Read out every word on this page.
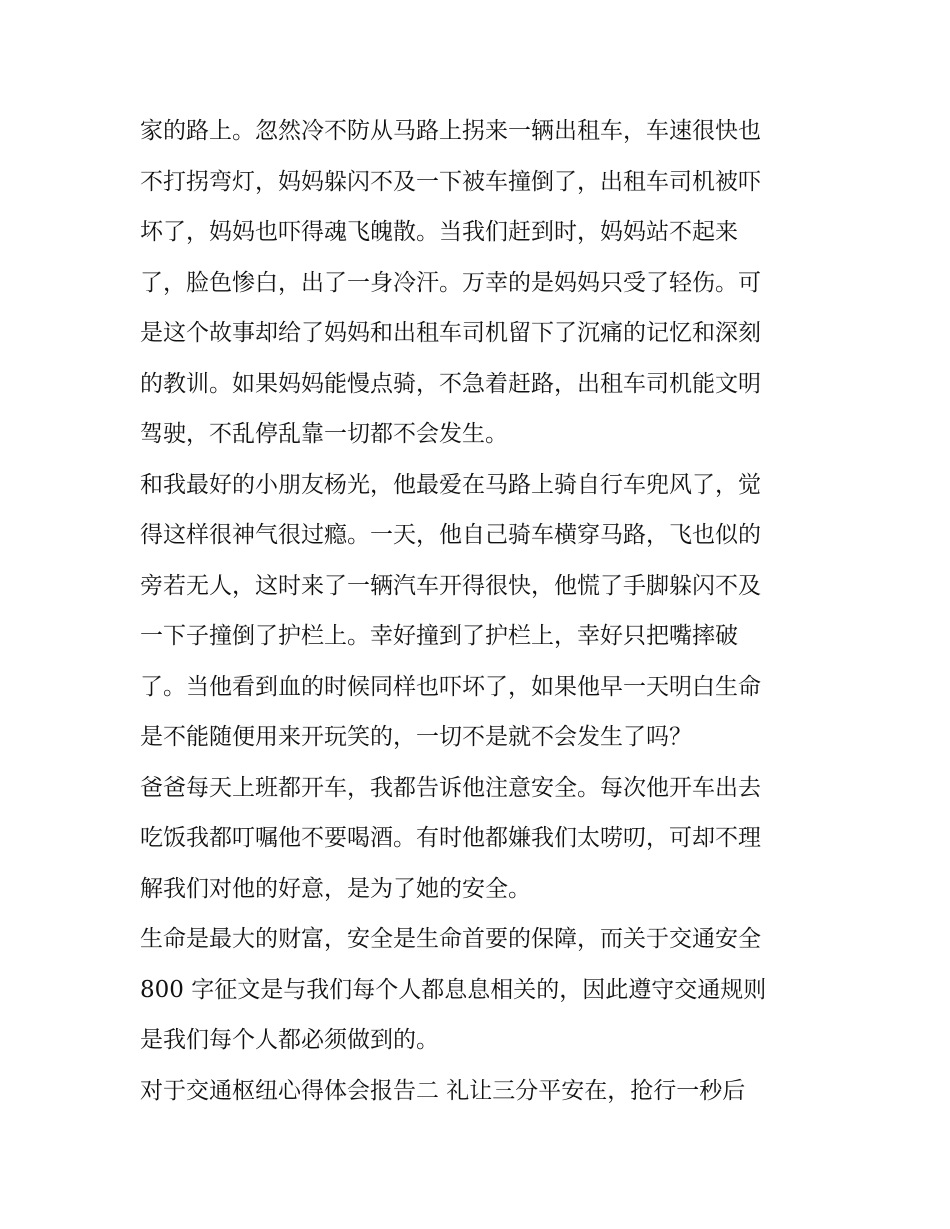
家的路上。忽然冷不防从马路上拐来一辆出租车，车速很快也
不打拐弯灯，妈妈躲闪不及一下被车撞倒了，出租车司机被吓
坏了，妈妈也吓得魂飞魄散。当我们赶到时，妈妈站不起来
了，脸色惨白，出了一身冷汗。万幸的是妈妈只受了轻伤。可
是这个故事却给了妈妈和出租车司机留下了沉痛的记忆和深刻
的教训。如果妈妈能慢点骑，不急着赶路，出租车司机能文明
驾驶，不乱停乱靠一切都不会发生。
和我最好的小朋友杨光，他最爱在马路上骑自行车兜风了，觉
得这样很神气很过瘾。一天，他自己骑车横穿马路，飞也似的
旁若无人，这时来了一辆汽车开得很快，他慌了手脚躲闪不及
一下子撞倒了护栏上。幸好撞到了护栏上，幸好只把嘴摔破
了。当他看到血的时候同样也吓坏了，如果他早一天明白生命
是不能随便用来开玩笑的，一切不是就不会发生了吗？
爸爸每天上班都开车，我都告诉他注意安全。每次他开车出去
吃饭我都叮嘱他不要喝酒。有时他都嫌我们太唠叨，可却不理
解我们对他的好意，是为了她的安全。
生命是最大的财富，安全是生命首要的保障，而关于交通安全
800 字征文是与我们每个人都息息相关的，因此遵守交通规则
是我们每个人都必须做到的。
对于交通枢纽心得体会报告二 礼让三分平安在，抢行一秒后
